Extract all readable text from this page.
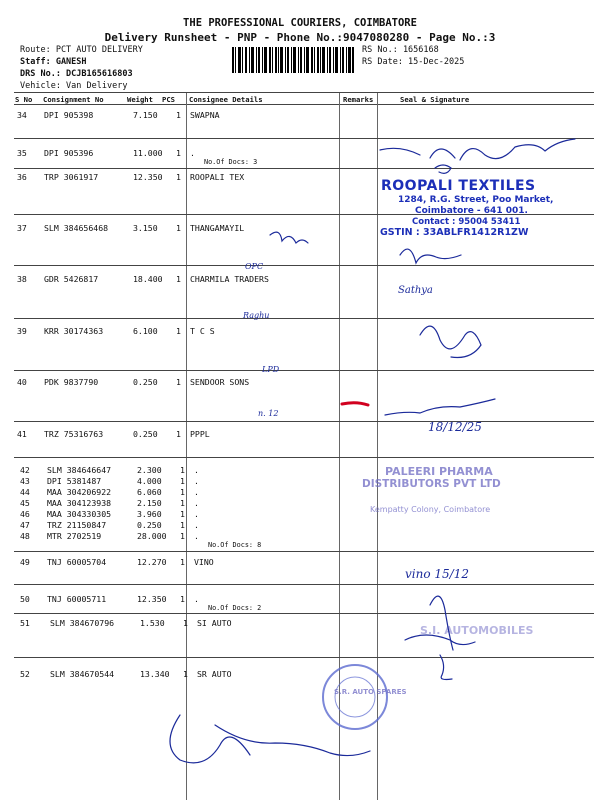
THE PROFESSIONAL COURIERS, COIMBATORE
Delivery Runsheet - PNP - Phone No.:9047080280 - Page No.:3
Route: PCT AUTO DELIVERY
Staff: GANESH
DRS No.: DCJB165616803
Vehicle: Van Delivery
RS No.: 1656168
RS Date: 15-Dec-2025
S No Consignment No	Weight PCS Consignee Details	Remarks	Seal & Signature
34 DPI 905398	7.150 1 SWAPNA
35 DPI 905396	11.000 1 .
No.Of Docs: 3
36 TRP 3061917	12.350 1 ROOPALI TEX
37 SLM 384656468	3.150 1 THANGAMAYIL
38 GDR 5426817	18.400 1 CHARMILA TRADERS
39 KRR 30174363	6.100 1 T C S
40 PDK 9837790	0.250 1 SENDOOR SONS
41 TRZ 75316763	0.250 1 PPPL
42 SLM 384646647	2.300 1 .
43 DPI 5381487	4.000 1 .
44 MAA 304206922	6.060 1 .
45 MAA 304123938	2.150 1 .
46 MAA 304330305	3.960 1 .
47 TRZ 21150847	0.250 1 .
48 MTR 2702519	28.000 1 .
No.Of Docs: 8
49 TNJ 60005704	12.270 1 VINO
50 TNJ 60005711	12.350 1 .
No.Of Docs: 2
51 SLM 384670796	1.530 1 SI AUTO
52 SLM 384670544	13.340 1 SR AUTO
ROOPALI TEXTILES
1284, R.G. Street, Poo Market,
Coimbatore - 641 001.
Contact : 95004 53411
GSTIN : 33ABLFR1412R1ZW
PALEERI PHARMA
DISTRIBUTORS PVT LTD
Kempatty Colony, Coimbatore
S.I. AUTOMOBILES
S.R. AUTO SPARES
OPC
Raghu
Sathya
LPD
n. 12
18/12/25
vino 15/12
